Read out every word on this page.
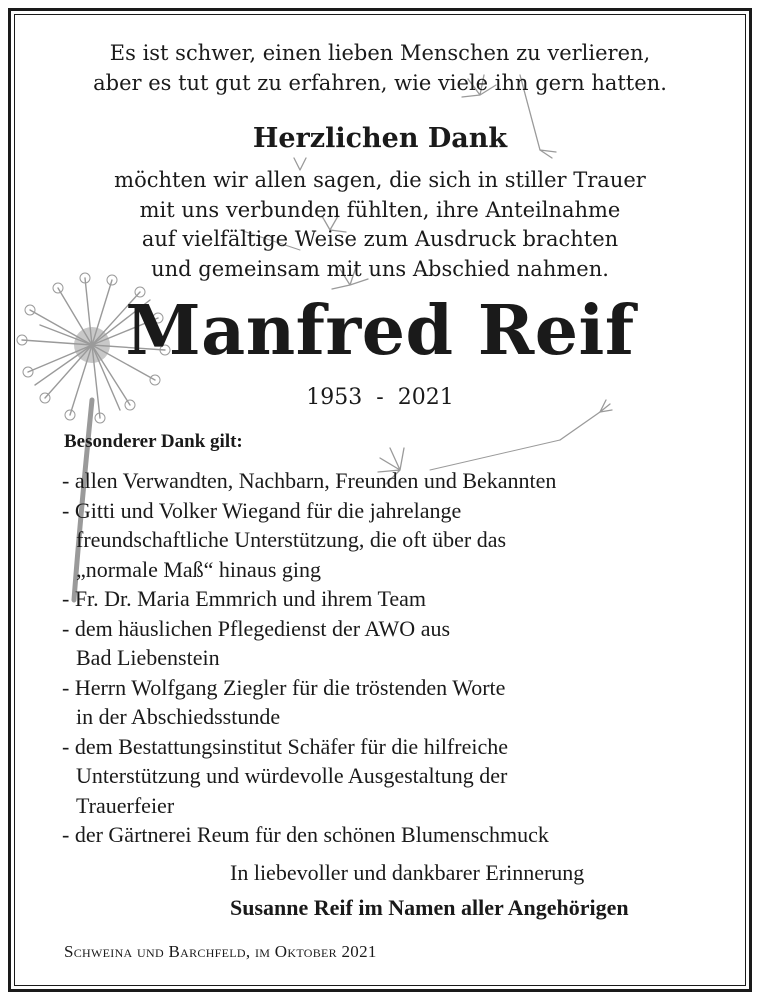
Es ist schwer, einen lieben Menschen zu verlieren,
aber es tut gut zu erfahren, wie viele ihn gern hatten.
Herzlichen Dank
möchten wir allen sagen, die sich in stiller Trauer
mit uns verbunden fühlten, ihre Anteilnahme
auf vielfältige Weise zum Ausdruck brachten
und gemeinsam mit uns Abschied nahmen.
Manfred Reif
1953 - 2021
Besonderer Dank gilt:
- allen Verwandten, Nachbarn, Freunden und Bekannten
- Gitti und Volker Wiegand für die jahrelange
freundschaftliche Unterstützung, die oft über das
„normale Maß“ hinaus ging
- Fr. Dr. Maria Emmrich und ihrem Team
- dem häuslichen Pflegedienst der AWO aus
Bad Liebenstein
- Herrn Wolfgang Ziegler für die tröstenden Worte
in der Abschiedsstunde
- dem Bestattungsinstitut Schäfer für die hilfreiche
Unterstützung und würdevolle Ausgestaltung der
Trauerfeier
- der Gärtnerei Reum für den schönen Blumenschmuck
In liebevoller und dankbarer Erinnerung
Susanne Reif im Namen aller Angehörigen
Schweina und Barchfeld, im Oktober 2021
